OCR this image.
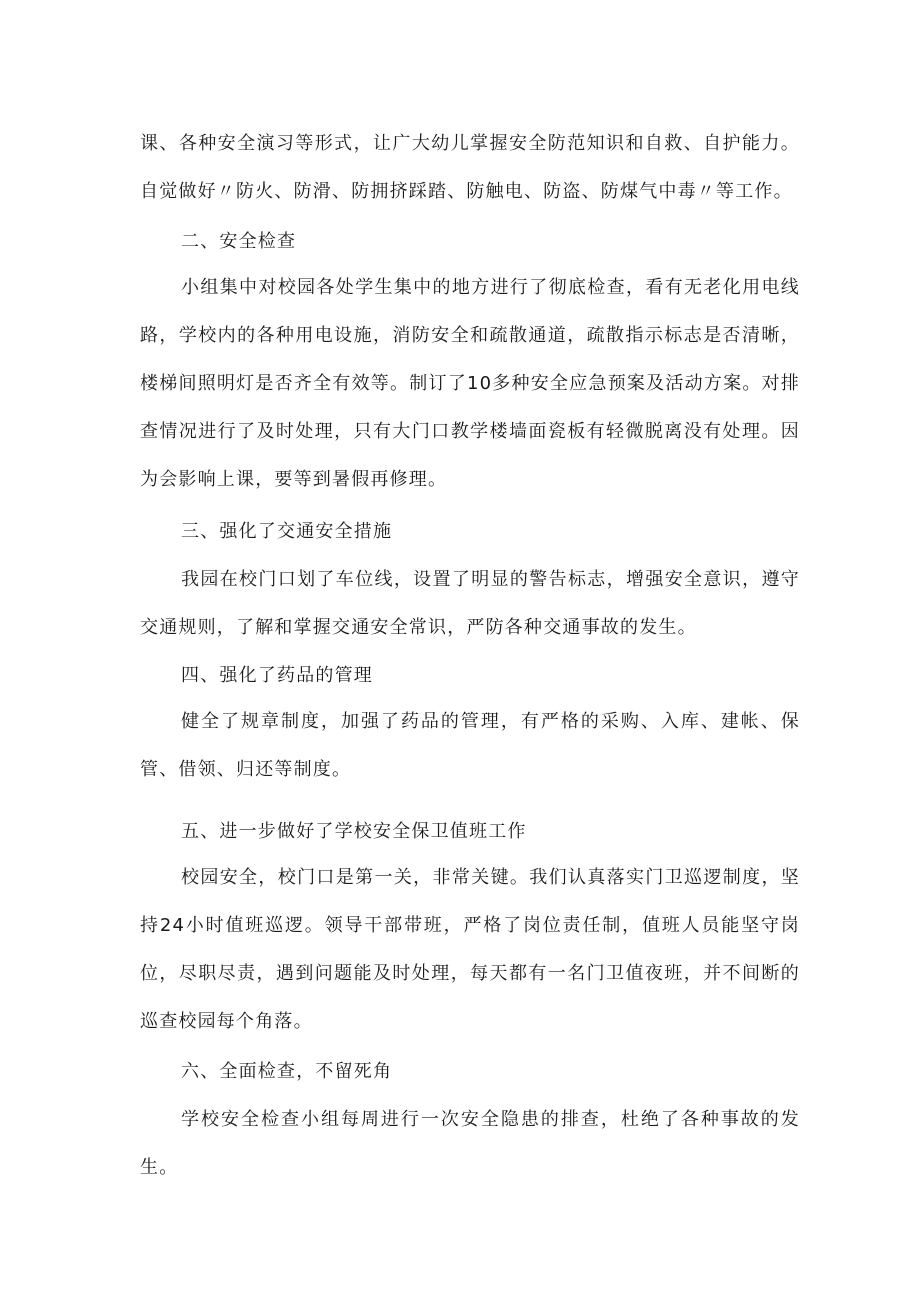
课、各种安全演习等形式，让广大幼儿掌握安全防范知识和自救、自护能力。自觉做好〃防火、防滑、防拥挤踩踏、防触电、防盗、防煤气中毒〃等工作。

二、安全检查

小组集中对校园各处学生集中的地方进行了彻底检查，看有无老化用电线路，学校内的各种用电设施，消防安全和疏散通道，疏散指示标志是否清晰，楼梯间照明灯是否齐全有效等。制订了10多种安全应急预案及活动方案。对排查情况进行了及时处理，只有大门口教学楼墙面瓷板有轻微脱离没有处理。因为会影响上课，要等到暑假再修理。

三、强化了交通安全措施

我园在校门口划了车位线，设置了明显的警告标志，增强安全意识，遵守交通规则，了解和掌握交通安全常识，严防各种交通事故的发生。

四、强化了药品的管理

健全了规章制度，加强了药品的管理，有严格的采购、入库、建帐、保管、借领、归还等制度。

五、进一步做好了学校安全保卫值班工作

校园安全，校门口是第一关，非常关键。我们认真落实门卫巡逻制度，坚持24小时值班巡逻。领导干部带班，严格了岗位责任制，值班人员能坚守岗位，尽职尽责，遇到问题能及时处理，每天都有一名门卫值夜班，并不间断的巡查校园每个角落。

六、全面检查，不留死角

学校安全检查小组每周进行一次安全隐患的排查，杜绝了各种事故的发生。
